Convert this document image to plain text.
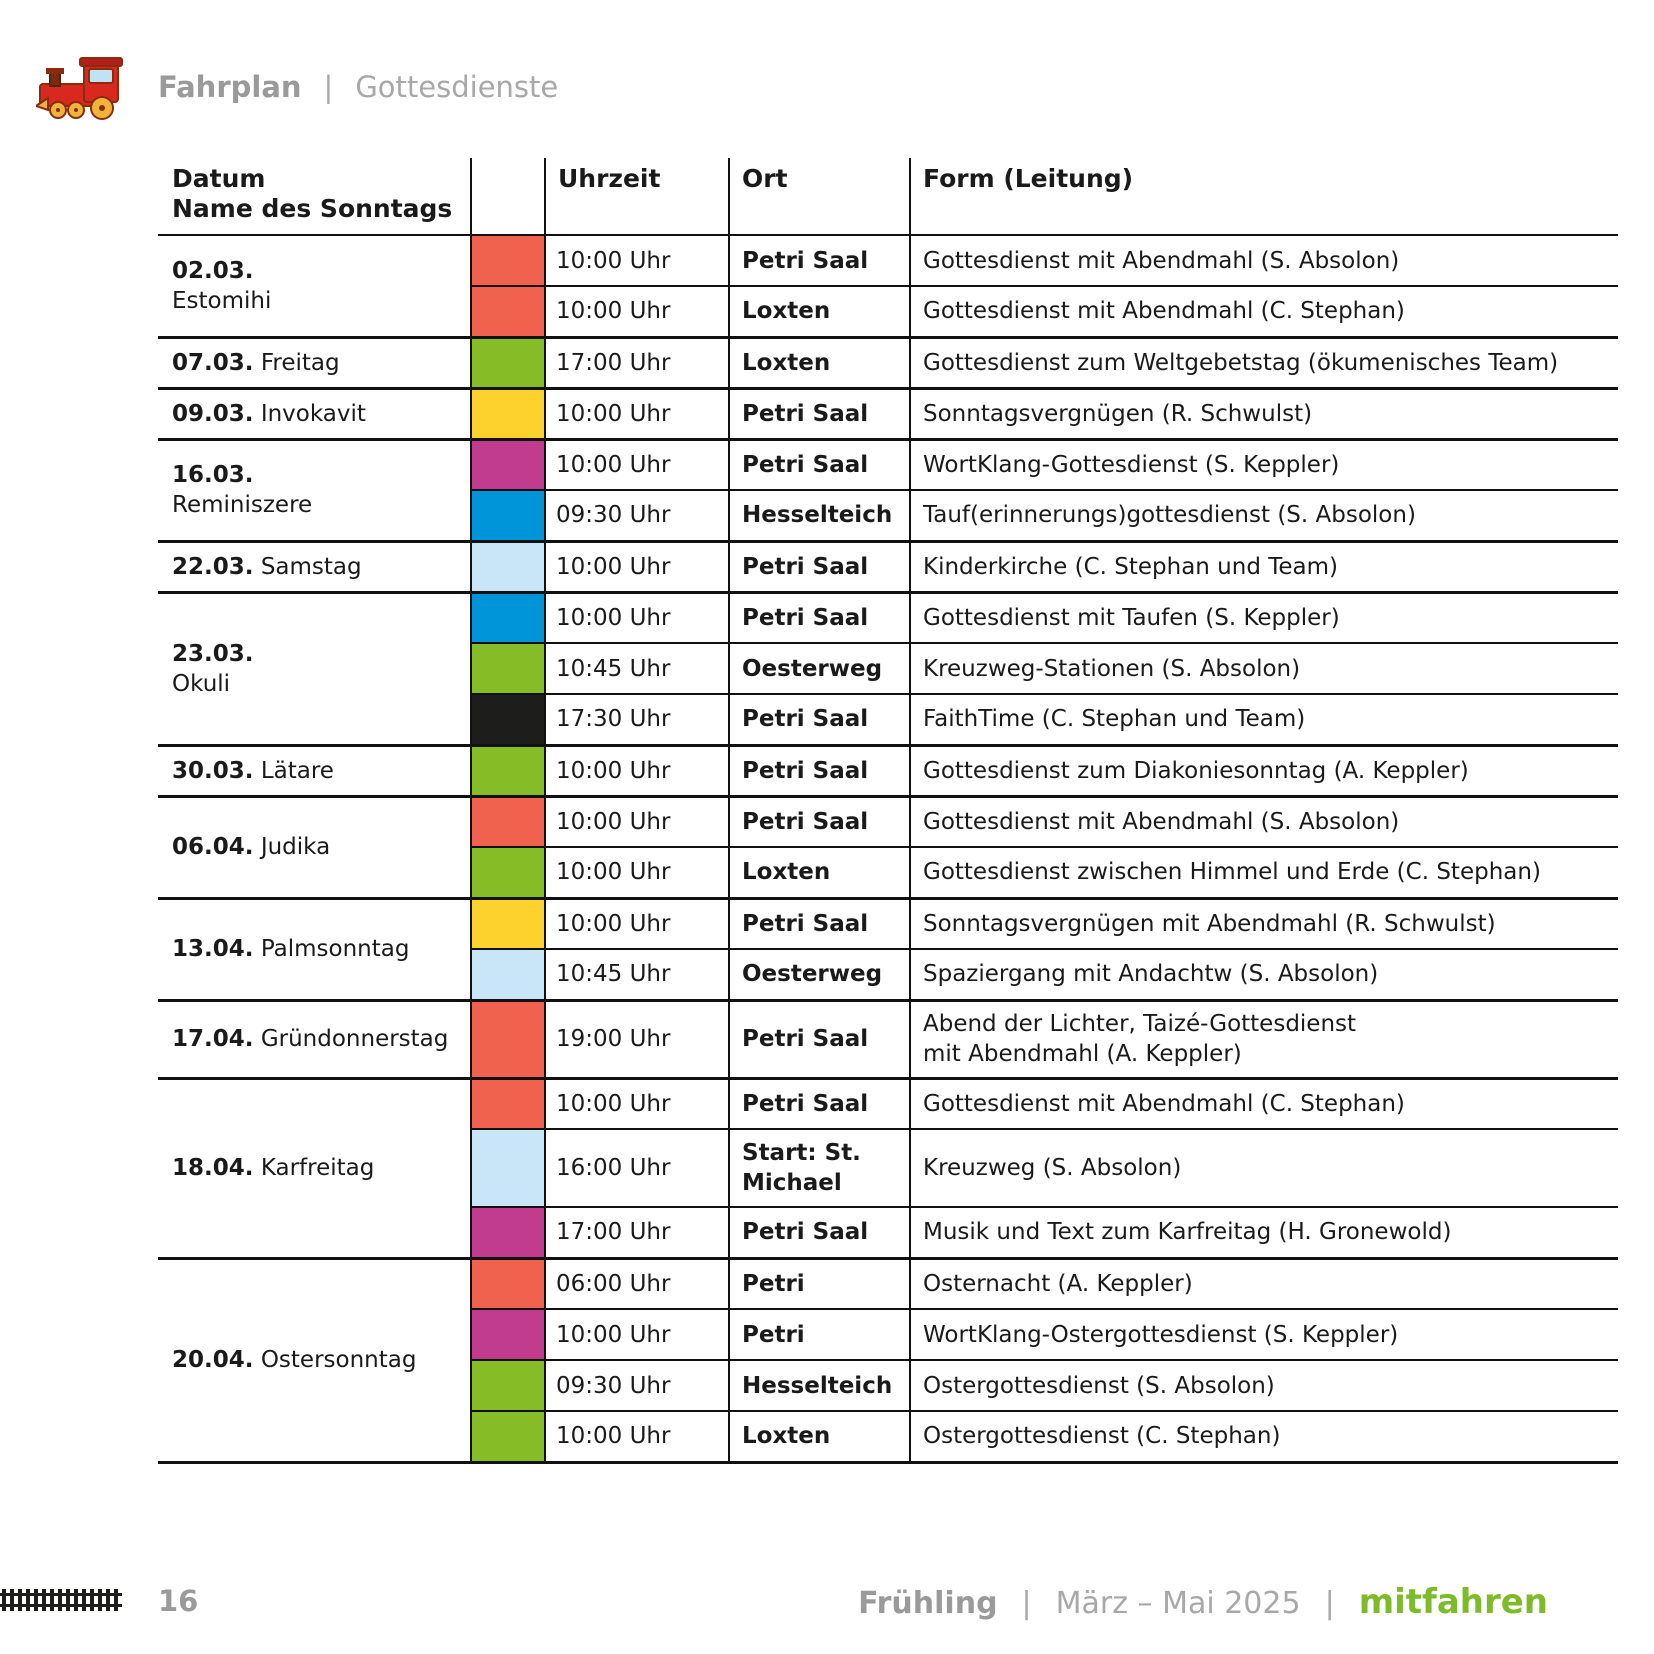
Fahrplan | Gottesdienste
Datum
Name des Sonntags		Uhrzeit	Ort	Form (Leitung)
02.03.
Estomihi		10:00 Uhr	Petri Saal	Gottesdienst mit Abendmahl (S. Absolon)

		10:00 Uhr	Loxten	Gottesdienst mit Abendmahl (C. Stephan)

07.03. Freitag		17:00 Uhr	Loxten	Gottesdienst zum Weltgebetstag (ökumenisches Team)

09.03. Invokavit		10:00 Uhr	Petri Saal	Sonntagsvergnügen (R. Schwulst)

16.03.
Reminiszere		10:00 Uhr	Petri Saal	WortKlang-Gottesdienst (S. Keppler)

		09:30 Uhr	Hesselteich	Tauf(erinnerungs)gottesdienst (S. Absolon)

22.03. Samstag		10:00 Uhr	Petri Saal	Kinderkirche (C. Stephan und Team)

23.03.
Okuli		10:00 Uhr	Petri Saal	Gottesdienst mit Taufen (S. Keppler)

		10:45 Uhr	Oesterweg	Kreuzweg-Stationen (S. Absolon)

		17:30 Uhr	Petri Saal	FaithTime (C. Stephan und Team)

30.03. Lätare		10:00 Uhr	Petri Saal	Gottesdienst zum Diakoniesonntag (A. Keppler)

06.04. Judika		10:00 Uhr	Petri Saal	Gottesdienst mit Abendmahl (S. Absolon)

		10:00 Uhr	Loxten	Gottesdienst zwischen Himmel und Erde (C. Stephan)

13.04. Palmsonntag		10:00 Uhr	Petri Saal	Sonntagsvergnügen mit Abendmahl (R. Schwulst)

		10:45 Uhr	Oesterweg	Spaziergang mit Andachtw (S. Absolon)

17.04. Gründonnerstag		19:00 Uhr	Petri Saal	Abend der Lichter, Taizé-Gottesdienst
mit Abendmahl (A. Keppler)

18.04. Karfreitag		10:00 Uhr	Petri Saal	Gottesdienst mit Abendmahl (C. Stephan)

		16:00 Uhr	Start: St.
Michael	Kreuzweg (S. Absolon)

		17:00 Uhr	Petri Saal	Musik und Text zum Karfreitag (H. Gronewold)

20.04. Ostersonntag		06:00 Uhr	Petri	Osternacht (A. Keppler)

		10:00 Uhr	Petri	WortKlang-Ostergottesdienst (S. Keppler)

		09:30 Uhr	Hesselteich	Ostergottesdienst (S. Absolon)

		10:00 Uhr	Loxten	Ostergottesdienst (C. Stephan)
16	Frühling | März – Mai 2025 | mitfahren
